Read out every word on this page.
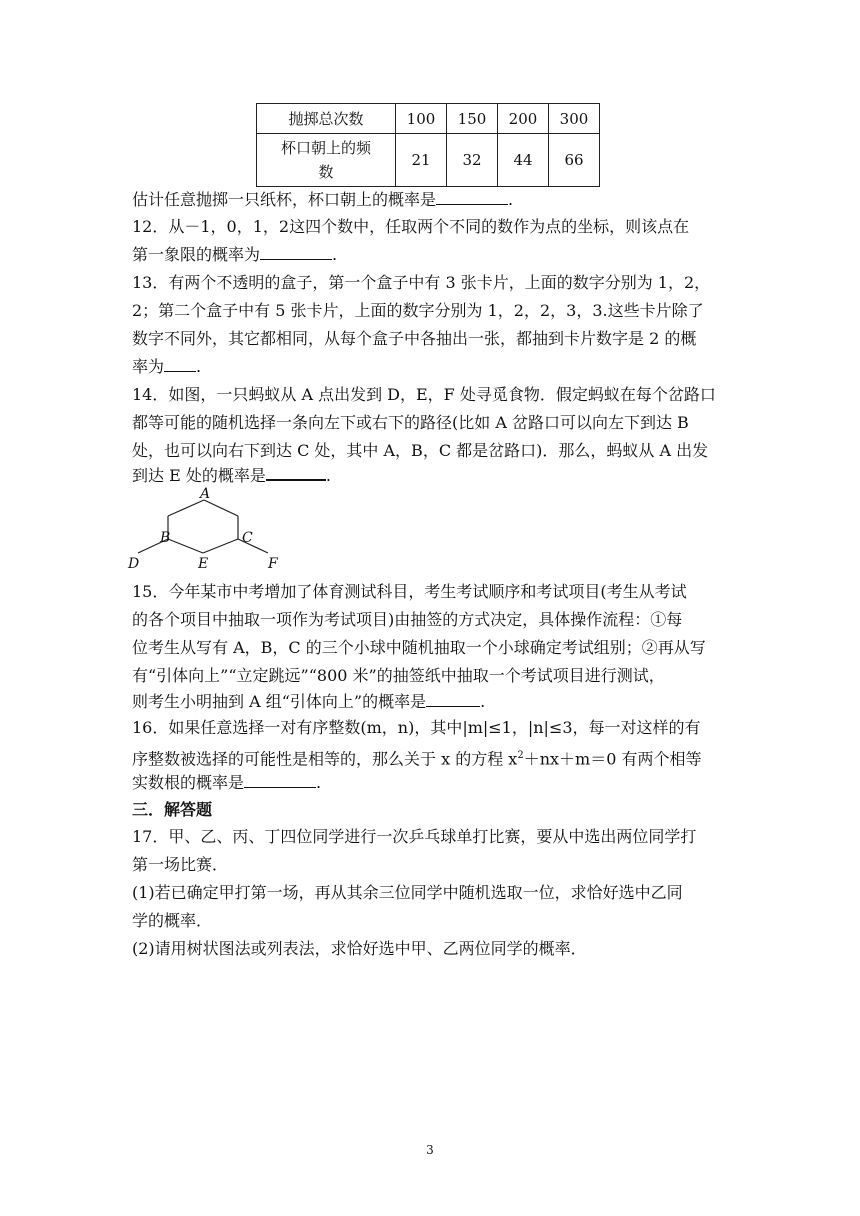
抛掷总次数	100	150	200	300
杯口朝上的频
数	21	32	44	66
估计任意抛掷一只纸杯，杯口朝上的概率是	.
12．从－1，0，1，2这四个数中，任取两个不同的数作为点的坐标，则该点在
第一象限的概率为	.
13．有两个不透明的盒子，第一个盒子中有 3 张卡片，上面的数字分别为 1，2，
2；第二个盒子中有 5 张卡片，上面的数字分别为 1，2，2，3，3.这些卡片除了
数字不同外，其它都相同，从每个盒子中各抽出一张，都抽到卡片数字是 2 的概
率为 .
14．如图，一只蚂蚁从 A 点出发到 D，E，F 处寻觅食物．假定蚂蚁在每个岔路口
都等可能的随机选择一条向左下或右下的路径(比如 A 岔路口可以向左下到达 B
处，也可以向右下到达 C 处，其中 A，B，C 都是岔路口)．那么，蚂蚁从 A 出发
到达 E 处的概率是	.
A
B	C
D	E	F
15．今年某市中考增加了体育测试科目，考生考试顺序和考试项目(考生从考试
的各个项目中抽取一项作为考试项目)由抽签的方式决定，具体操作流程：①每
位考生从写有 A，B，C 的三个小球中随机抽取一个小球确定考试组别；②再从写
有“引体向上”“立定跳远”“800 米”的抽签纸中抽取一个考试项目进行测试，
则考生小明抽到 A 组“引体向上”的概率是	.
16．如果任意选择一对有序整数(m，n)，其中|m|≤1，|n|≤3，每一对这样的有
序整数被选择的可能性是相等的，那么关于 x 的方程 $x^2+nx+m=0$ 有两个相等
实数根的概率是	.
三．解答题
17．甲、乙、丙、丁四位同学进行一次乒乓球单打比赛，要从中选出两位同学打
第一场比赛．
(1)若已确定甲打第一场，再从其余三位同学中随机选取一位，求恰好选中乙同
学的概率．
(2)请用树状图法或列表法，求恰好选中甲、乙两位同学的概率．
3
